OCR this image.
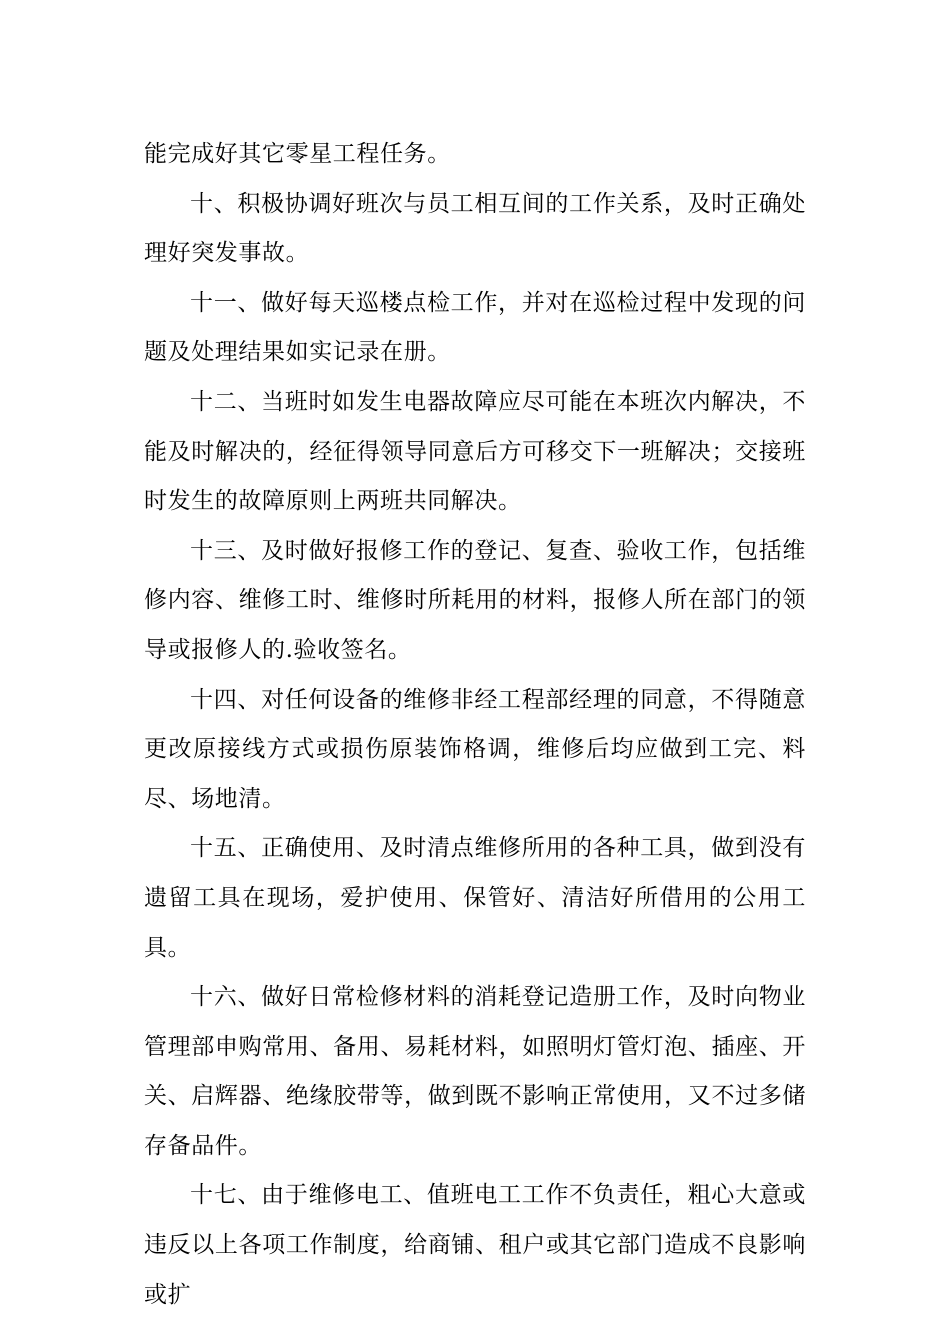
能完成好其它零星工程任务。

十、积极协调好班次与员工相互间的工作关系，及时正确处理好突发事故。

十一、做好每天巡楼点检工作，并对在巡检过程中发现的问题及处理结果如实记录在册。

十二、当班时如发生电器故障应尽可能在本班次内解决，不能及时解决的，经征得领导同意后方可移交下一班解决；交接班时发生的故障原则上两班共同解决。

十三、及时做好报修工作的登记、复查、验收工作，包括维修内容、维修工时、维修时所耗用的材料，报修人所在部门的领导或报修人的.验收签名。

十四、对任何设备的维修非经工程部经理的同意，不得随意更改原接线方式或损伤原装饰格调，维修后均应做到工完、料尽、场地清。

十五、正确使用、及时清点维修所用的各种工具，做到没有遗留工具在现场，爱护使用、保管好、清洁好所借用的公用工具。

十六、做好日常检修材料的消耗登记造册工作，及时向物业管理部申购常用、备用、易耗材料，如照明灯管灯泡、插座、开关、启辉器、绝缘胶带等，做到既不影响正常使用，又不过多储存备品件。

十七、由于维修电工、值班电工工作不负责任，粗心大意或违反以上各项工作制度，给商铺、租户或其它部门造成不良影响或扩
